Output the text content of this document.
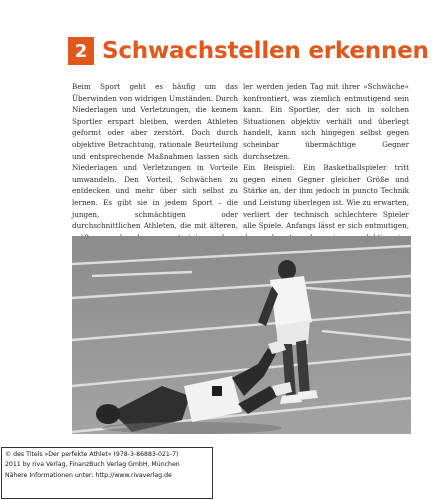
2 Schwachstellen erkennen

Beim Sport geht es häufig um das Überwinden von widrigen Umständen. Durch Niederlagen und Verletzungen, die keinem Sportler erspart bleiben, werden Athleten geformt oder aber zerstört. Doch durch objektive Betrachtung, rationale Beurteilung und entsprechende Maßnahmen lassen sich Niederlagen und Verletzungen in Vorteile umwandeln. Den Vorteil, Schwächen zu entdecken und mehr über sich selbst zu lernen. Es gibt sie in jedem Sport – die jungen, schmächtigen oder durchschnittlichen Athleten, die mit älteren,

ler werden jeden Tag mit ihrer »Schwäche« konfrontiert, was ziemlich entmutigend sein kann. Ein Sportler, der sich in solchen Situationen objektiv verhält und überlegt handelt, kann sich hingegen selbst gegen scheinbar übermächtige Gegner durchsetzen.

Ein Beispiel: Ein Basketballspieler tritt gegen einen Gegner gleicher Größe und Stärke an, der ihm jedoch in puncto Technik und Leistung überlegen ist. Wie zu erwarten, verliert der technisch schlechtere Spieler alle Spiele. Anfangs lässt er sich entmutigen,

© des Titels »Der perfekte Athlet« (978-3-86883-021-7)
2011 by riva Verlag, FinanzBuch Verlag GmbH, München
Nähere Informationen unter: http://www.rivaverlag.de
